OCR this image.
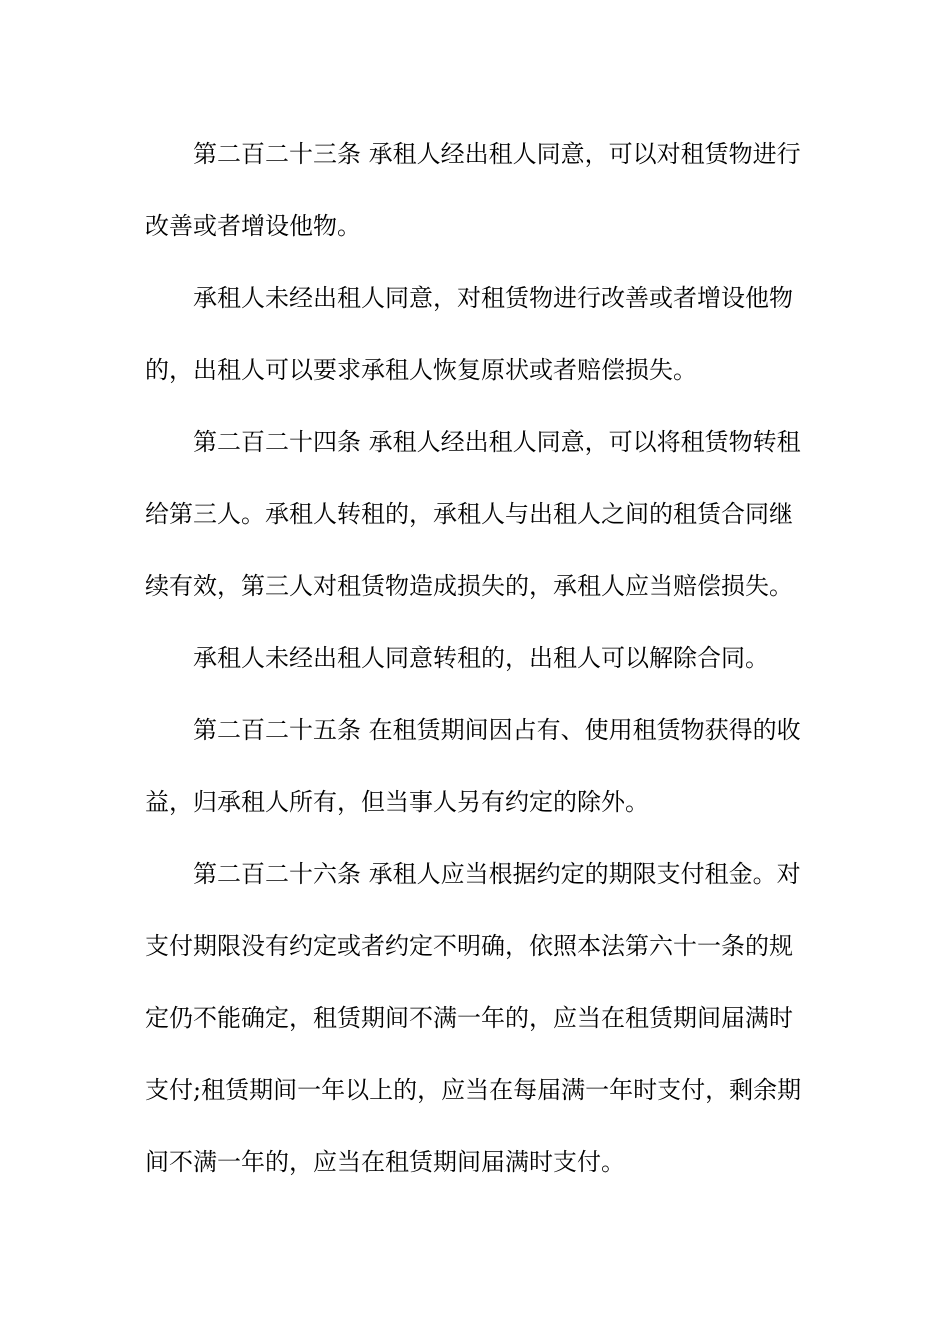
第二百二十三条 承租人经出租人同意，可以对租赁物进行
改善或者增设他物。
承租人未经出租人同意，对租赁物进行改善或者增设他物
的，出租人可以要求承租人恢复原状或者赔偿损失。
第二百二十四条 承租人经出租人同意，可以将租赁物转租
给第三人。承租人转租的，承租人与出租人之间的租赁合同继
续有效，第三人对租赁物造成损失的，承租人应当赔偿损失。
承租人未经出租人同意转租的，出租人可以解除合同。
第二百二十五条 在租赁期间因占有、使用租赁物获得的收
益，归承租人所有，但当事人另有约定的除外。
第二百二十六条 承租人应当根据约定的期限支付租金。对
支付期限没有约定或者约定不明确，依照本法第六十一条的规
定仍不能确定，租赁期间不满一年的，应当在租赁期间届满时
支付;租赁期间一年以上的，应当在每届满一年时支付，剩余期
间不满一年的，应当在租赁期间届满时支付。
